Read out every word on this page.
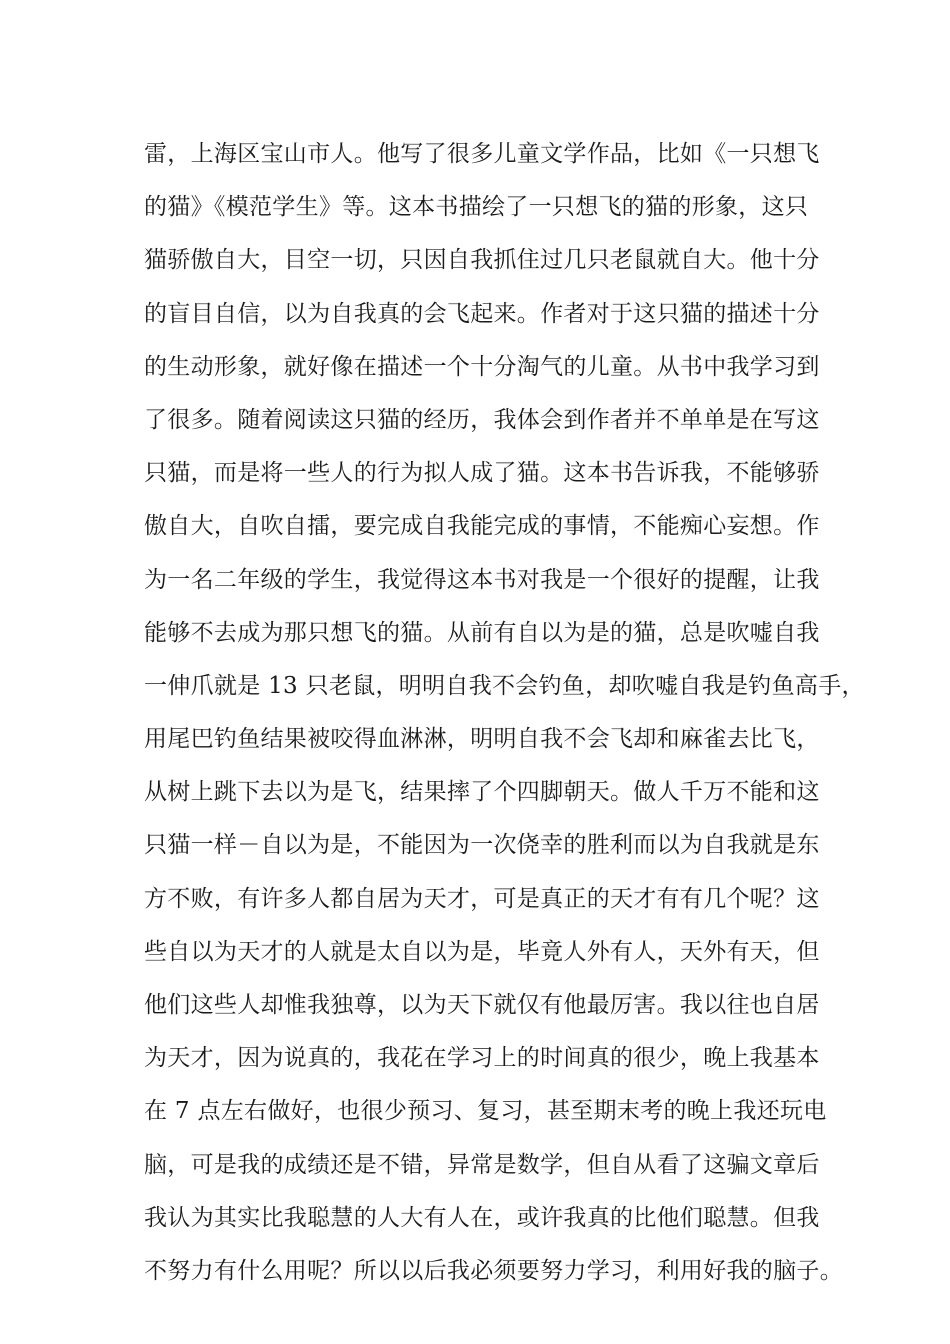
雷，上海区宝山市人。他写了很多儿童文学作品，比如《一只想飞
的猫》《模范学生》等。这本书描绘了一只想飞的猫的形象，这只
猫骄傲自大，目空一切，只因自我抓住过几只老鼠就自大。他十分
的盲目自信，以为自我真的会飞起来。作者对于这只猫的描述十分
的生动形象，就好像在描述一个十分淘气的儿童。从书中我学习到
了很多。随着阅读这只猫的经历，我体会到作者并不单单是在写这
只猫，而是将一些人的行为拟人成了猫。这本书告诉我，不能够骄
傲自大，自吹自擂，要完成自我能完成的事情，不能痴心妄想。作
为一名二年级的学生，我觉得这本书对我是一个很好的提醒，让我
能够不去成为那只想飞的猫。从前有自以为是的猫，总是吹嘘自我
一伸爪就是 13 只老鼠，明明自我不会钓鱼，却吹嘘自我是钓鱼高手，
用尾巴钓鱼结果被咬得血淋淋，明明自我不会飞却和麻雀去比飞，
从树上跳下去以为是飞，结果摔了个四脚朝天。做人千万不能和这
只猫一样－自以为是，不能因为一次侥幸的胜利而以为自我就是东
方不败，有许多人都自居为天才，可是真正的天才有有几个呢？这
些自以为天才的人就是太自以为是，毕竟人外有人，天外有天，但
他们这些人却惟我独尊，以为天下就仅有他最厉害。我以往也自居
为天才，因为说真的，我花在学习上的时间真的很少，晚上我基本
在 7 点左右做好，也很少预习、复习，甚至期末考的晚上我还玩电
脑，可是我的成绩还是不错，异常是数学，但自从看了这骗文章后
我认为其实比我聪慧的人大有人在，或许我真的比他们聪慧。但我
不努力有什么用呢？所以以后我必须要努力学习，利用好我的脑子。
